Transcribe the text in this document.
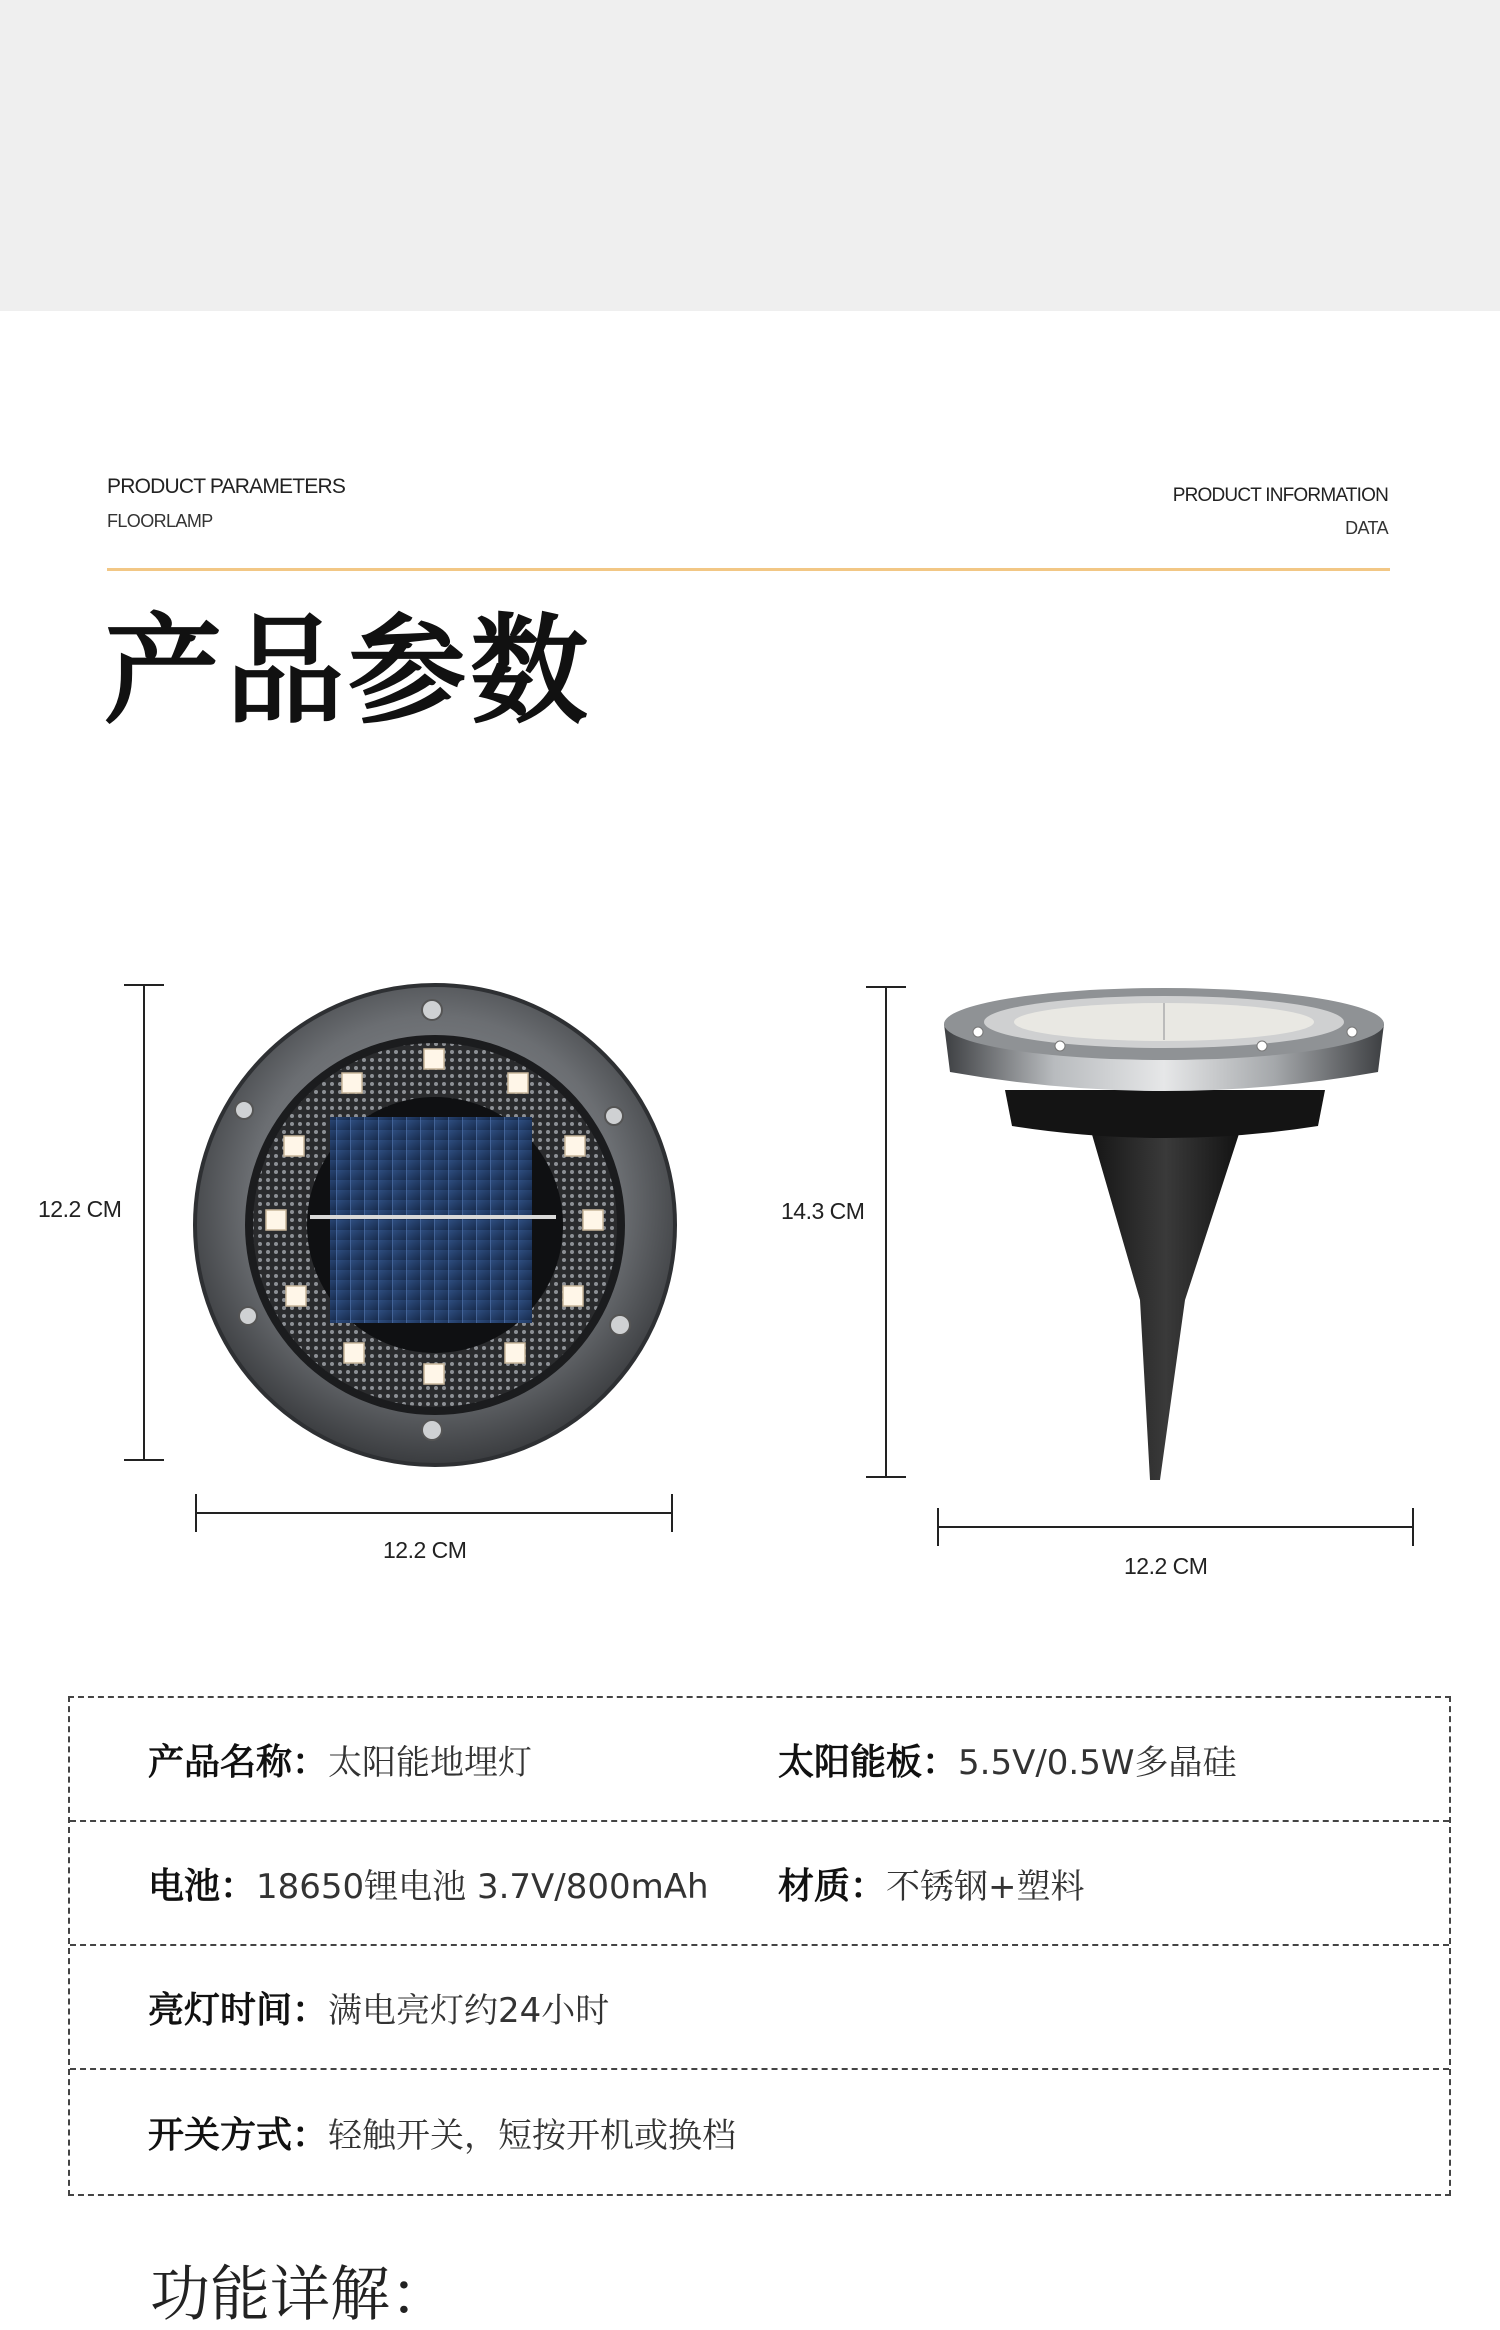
PRODUCT PARAMETERS
FLOORLAMP
PRODUCT INFORMATION
DATA
产品参数
12.2 CM
12.2 CM
14.3 CM
12.2 CM
产品名称： 太阳能地埋灯	太阳能板： 5.5V/0.5W多晶硅
电池： 18650锂电池 3.7V/800mAh 材质： 不锈钢+塑料
亮灯时间： 满电亮灯约24小时
开关方式： 轻触开关，短按开机或换档
功能详解：
